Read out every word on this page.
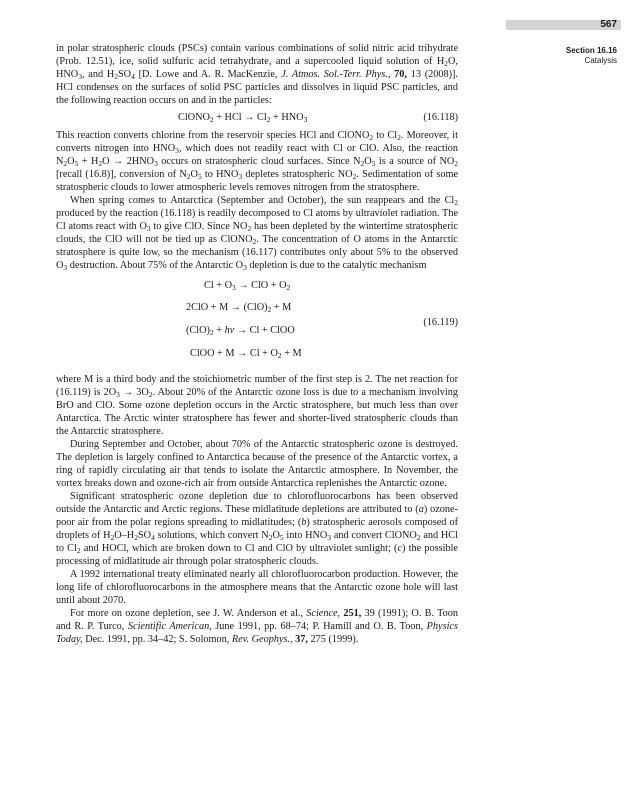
567
Section 16.16
Catalysis

in polar stratospheric clouds (PSCs) contain various combinations of solid nitric acid trihydrate (Prob. 12.51), ice, solid sulfuric acid tetrahydrate, and a supercooled liquid solution of $H_2O$, $HNO_3$, and $H_2SO_4$ [D. Lowe and A. R. MacKenzie, J. Atmos. Sol.-Terr. Phys., 70, 13 (2008)]. HCl condenses on the surfaces of solid PSC particles and dissolves in liquid PSC particles, and the following reaction occurs on and in the particles:

ClONO$_2$ + HCl → $Cl_2 + HNO_3$	(16.118)

This reaction converts chlorine from the reservoir species HCl and ClONO$_2$ to $Cl_2$. Moreover, it converts nitrogen into $HNO_3$, which does not readily react with Cl or ClO. Also, the reaction $N_2O_5 + H_2O \to 2HNO_3$ occurs on stratospheric cloud surfaces. Since $N_2O_5$ is a source of $NO_2$ [recall (16.8)], conversion of $N_2O_5$ to $HNO_3$ depletes stratospheric $NO_2$. Sedimentation of some stratospheric clouds to lower atmospheric levels removes nitrogen from the stratosphere.

When spring comes to Antarctica (September and October), the sun reappears and the $Cl_2$ produced by the reaction (16.118) is readily decomposed to Cl atoms by ultraviolet radiation. The Cl atoms react with $O_3$ to give ClO. Since $NO_2$ has been depleted by the wintertime stratospheric clouds, the ClO will not be tied up as ClONO$_2$. The concentration of O atoms in the Antarctic stratosphere is quite low, so the mechanism (16.117) contributes only about 5% to the observed $O_3$ destruction. About 75% of the Antarctic $O_3$ depletion is due to the catalytic mechanism

$Cl + O_3$ → ClO + $O_2$
$2ClO + M \to (ClO)_2 + M$
$(ClO)_2 + h\nu \to Cl$ + ClOO
ClOO + $M \to Cl + O_2 + M$
(16.119)

where M is a third body and the stoichiometric number of the first step is 2. The net reaction for (16.119) is $2O_3 \to 3O_2$. About 20% of the Antarctic ozone loss is due to a mechanism involving BrO and ClO. Some ozone depletion occurs in the Arctic stratosphere, but much less than over Antarctica. The Arctic winter stratosphere has fewer and shorter-lived stratospheric clouds than the Antarctic stratosphere.

During September and October, about 70% of the Antarctic stratospheric ozone is destroyed. The depletion is largely confined to Antarctica because of the presence of the Antarctic vortex, a ring of rapidly circulating air that tends to isolate the Antarctic atmosphere. In November, the vortex breaks down and ozone-rich air from outside Antarctica replenishes the Antarctic ozone.

Significant stratospheric ozone depletion due to chlorofluorocarbons has been observed outside the Antarctic and Arctic regions. These midlatitude depletions are attributed to (a) ozone-poor air from the polar regions spreading to midlatitudes; (b) stratospheric aerosols composed of droplets of $H_2O-H_2SO_4$ solutions, which convert $N_2O_5$ into $HNO_3$ and convert ClONO$_2$ and HCl to $Cl_2$ and HOCl, which are broken down to Cl and ClO by ultraviolet sunlight; (c) the possible processing of midlatitude air through polar stratospheric clouds.

A 1992 international treaty eliminated nearly all chlorofluorocarbon production. However, the long life of chlorofluorocarbons in the atmosphere means that the Antarctic ozone hole will last until about 2070.

For more on ozone depletion, see J. W. Anderson et al., Science, 251, 39 (1991); O. B. Toon and R. P. Turco, Scientific American, June 1991, pp. 68–74; P. Hamill and O. B. Toon, Physics Today, Dec. 1991, pp. 34–42; S. Solomon, Rev. Geophys., 37, 275 (1999).
